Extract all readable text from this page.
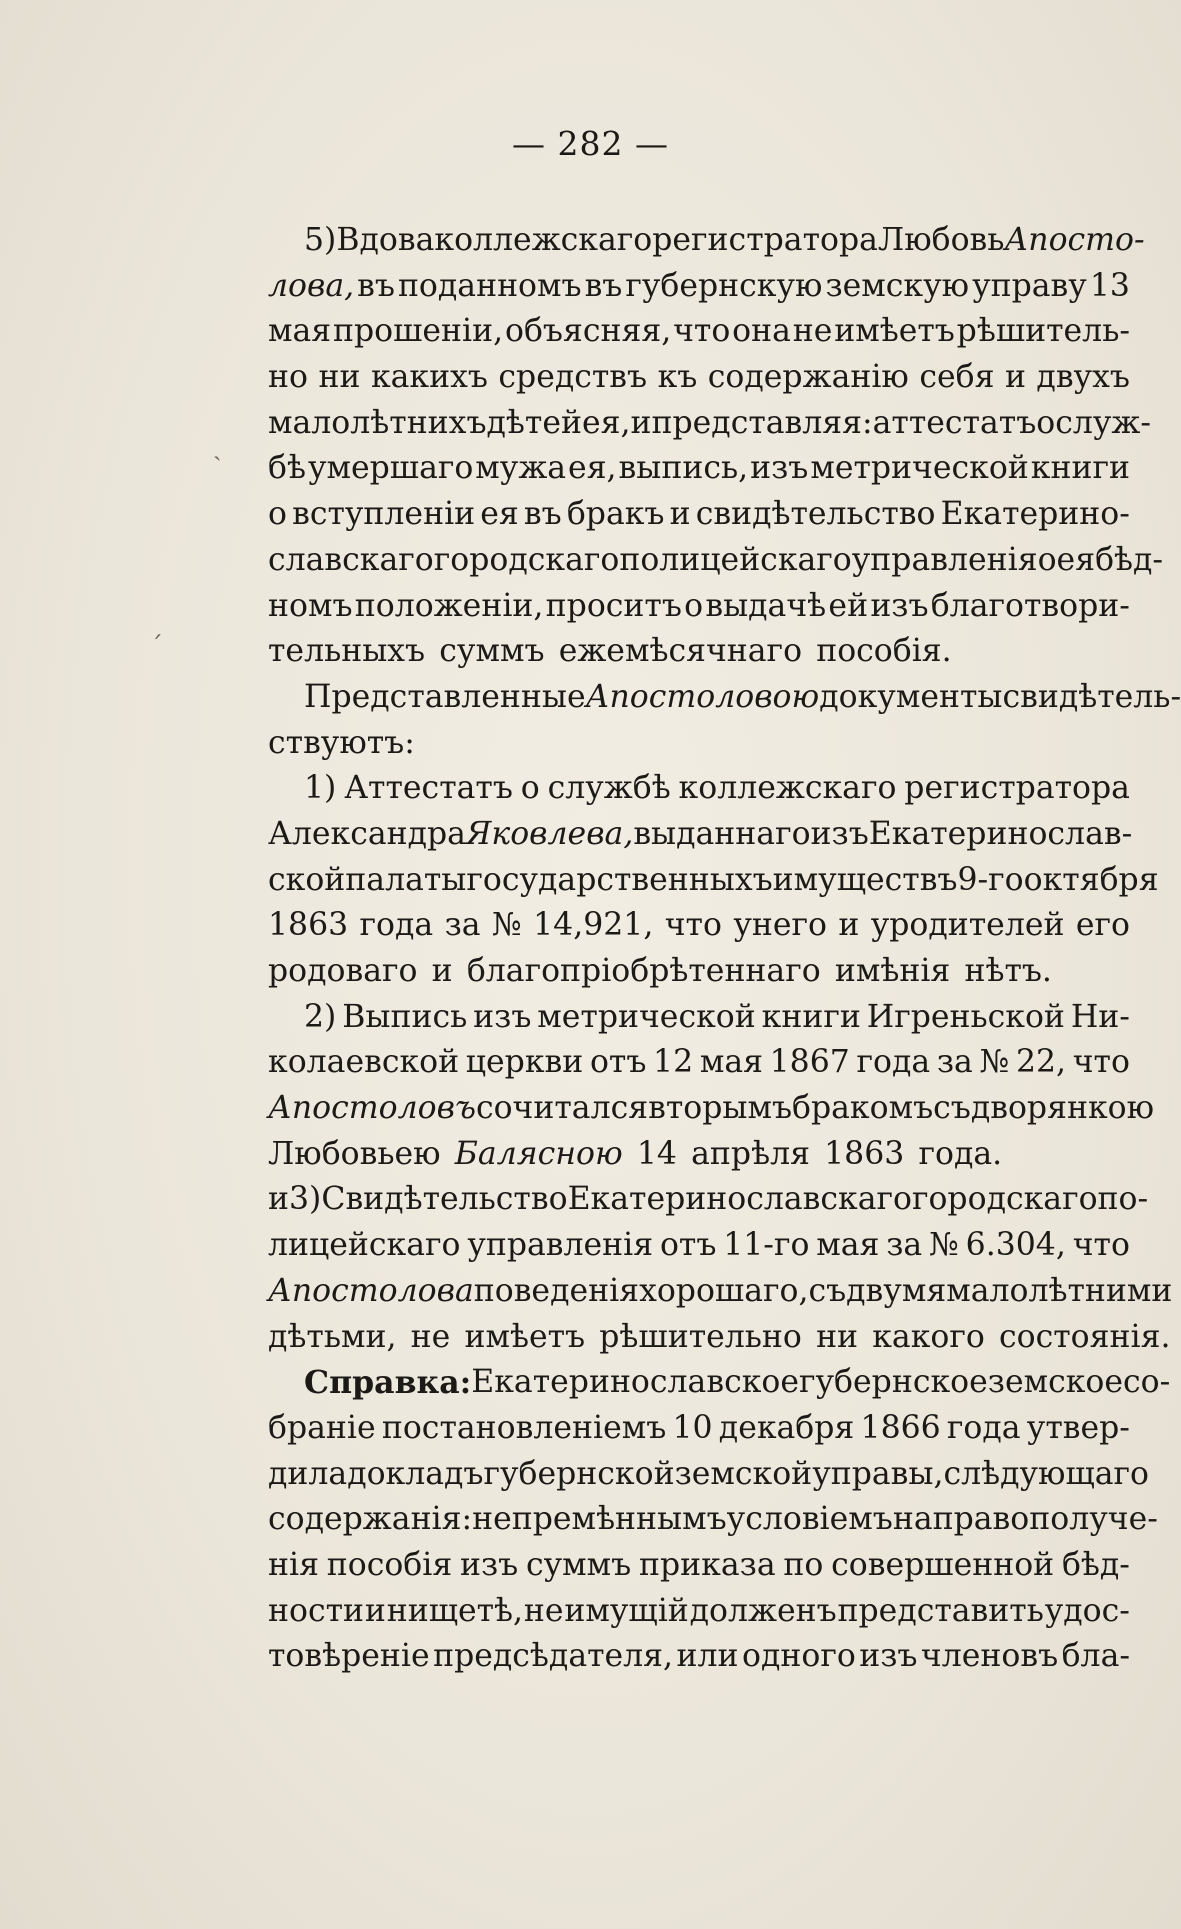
— 282 —
5) Вдова коллежскаго регистратора Любовь Апосто-
лова, въ поданномъ въ губернскую земскую управу 13
мая прошенiи, объясняя, что она не имѣетъ рѣшитель-
но ни какихъ средствъ къ содержанiю себя и двухъ
малолѣтнихъ дѣтей ея, и представляя: аттестатъ о служ-
бѣ умершаго мужа ея, выпись, изъ метрической книги
о вступленiи ея въ бракъ и свидѣтельство Екатерино-
славскаго городскаго полицейскаго управленiя о ея бѣд-
номъ положенiи, проситъ о выдачѣ ей изъ благотвори-
тельныхъ суммъ ежемѣсячнаго пособiя.
Представленные Апостоловою документы свидѣтель-
ствуютъ:
1) Аттестатъ о службѣ коллежскаго регистратора
Александра Яковлева, выданнаго изъ Екатеринослав-
ской палаты государственныхъ имуществъ 9-го октября
1863 года за № 14,921, что унего и уродителей его
родоваго и благопрiобрѣтеннаго имѣнiя нѣтъ.
2) Выпись изъ метрической книги Игреньской Ни-
колаевской церкви отъ 12 мая 1867 года за № 22, что
Апостоловъ сочитался вторымъ бракомъ съ дворянкою
Любовьею Балясною 14 апрѣля 1863 года.
и 3) Свидѣтельство Екатеринославскаго городскаго по-
лицейскаго управленiя отъ 11-го мая за № 6.304, что
Апостолова поведенiя хорошаго, съ двумя малолѣтними
дѣтьми, не имѣетъ рѣшительно ни какого состоянiя.
Справка: Екатеринославское губернское земское со-
бранiе постановленiемъ 10 декабря 1866 года утвер-
дила докладъ губернской земской управы, слѣдующаго
содержанiя: непремѣннымъ условiемъ на право получе-
нiя пособiя изъ суммъ приказа по совершенной бѣд-
ности и нищетѣ, не имущiй долженъ представить удос-
товѣренiе предсѣдателя, или одного изъ членовъ бла-
ˎ
ˊ
